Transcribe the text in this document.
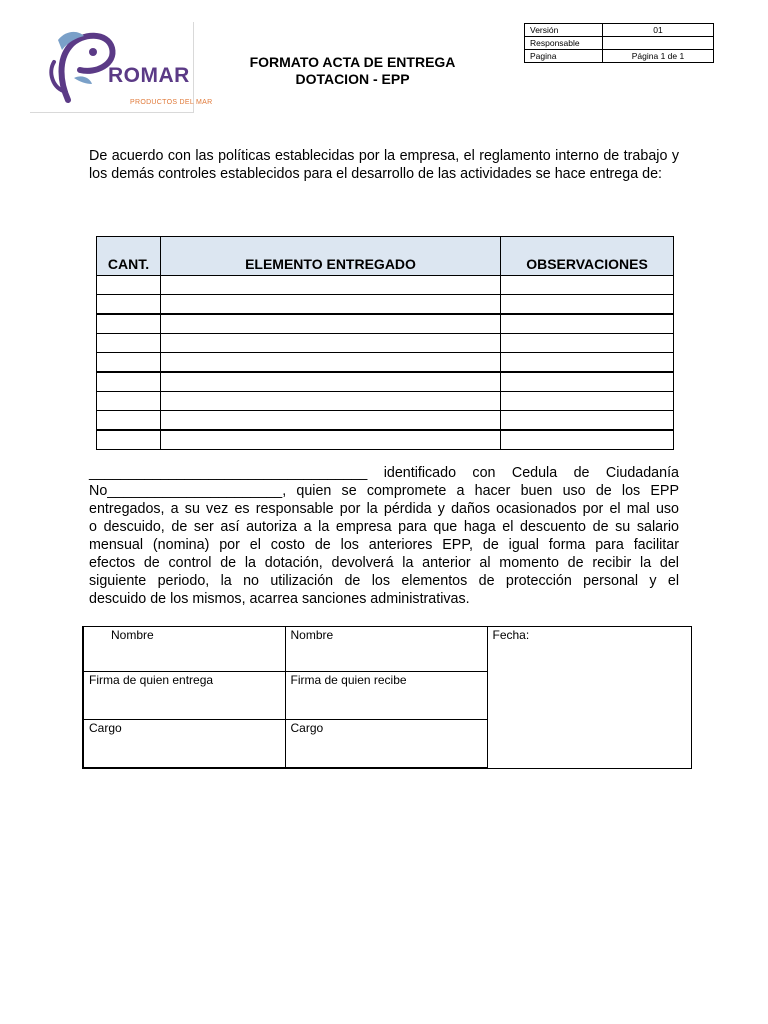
ROMAR
PRODUCTOS DEL MAR
FORMATO ACTA DE ENTREGA
DOTACION - EPP
Versión	01
Responsable	
Pagina	Página 1 de 1
De acuerdo con las políticas establecidas por la empresa, el reglamento interno de trabajo y los demás controles establecidos para el desarrollo de las actividades se hace entrega de:
CANT.	ELEMENTO ENTREGADO	OBSERVACIONES

___________________________________ identificado con Cedula de Ciudadanía
No______________________, quien se compromete a hacer buen uso de los EPP
entregados, a su vez es responsable por la pérdida y daños ocasionados por el mal uso
o descuido, de ser así autoriza a la empresa para que haga el descuento de su salario
mensual (nomina) por el costo de los anteriores EPP, de igual forma para facilitar
efectos de control de la dotación, devolverá la anterior al momento de recibir la del
siguiente periodo, la no utilización de los elementos de protección personal y el
descuido de los mismos, acarrea sanciones administrativas.
Nombre	Nombre	Fecha:
Firma de quien entrega	Firma de quien recibe	
Cargo	Cargo	
